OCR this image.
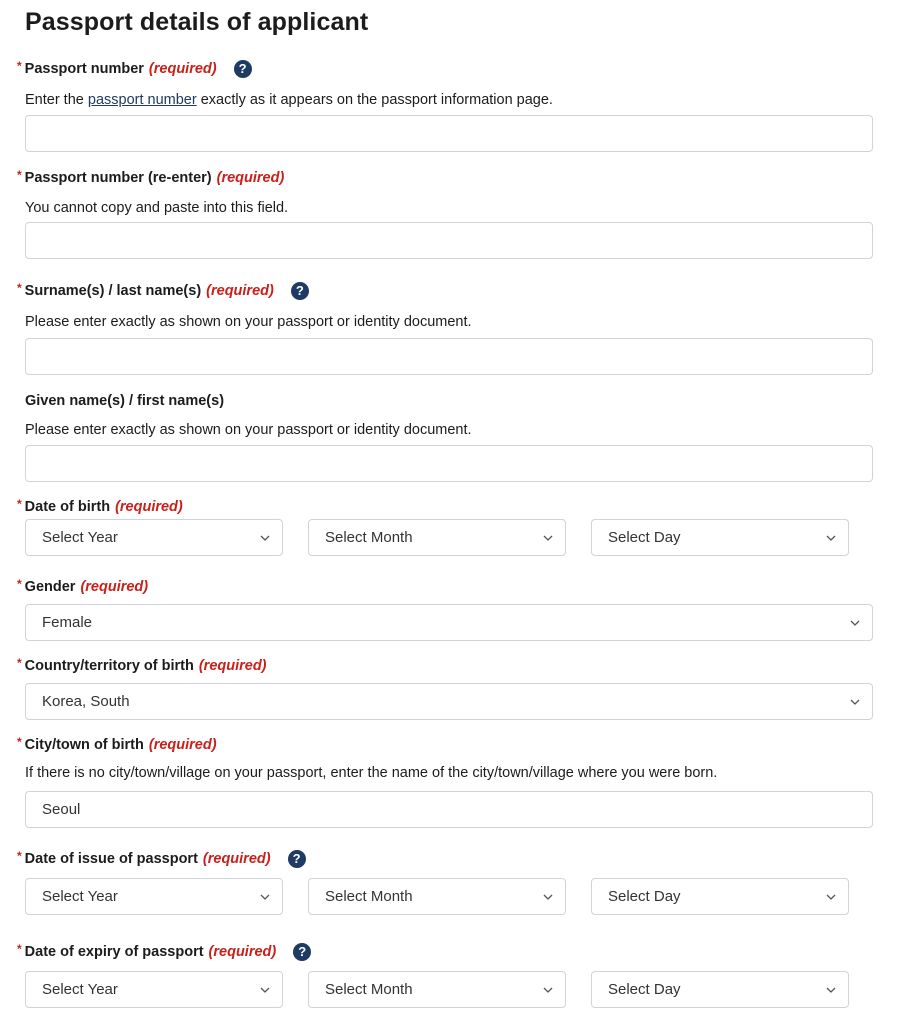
Passport details of applicant
* Passport number (required)	?
Enter the passport number exactly as it appears on the passport information page.
* Passport number (re-enter) (required)
You cannot copy and paste into this field.
* Surname(s) / last name(s) (required)	?
Please enter exactly as shown on your passport or identity document.
Given name(s) / first name(s)
Please enter exactly as shown on your passport or identity document.
* Date of birth (required)
Select Year	Select Month	Select Day
* Gender (required)
Female
* Country/territory of birth (required)
Korea, South
* City/town of birth (required)
If there is no city/town/village on your passport, enter the name of the city/town/village where you were born.
Seoul
* Date of issue of passport (required)	?
Select Year	Select Month	Select Day
* Date of expiry of passport (required)	?
Select Year	Select Month	Select Day
